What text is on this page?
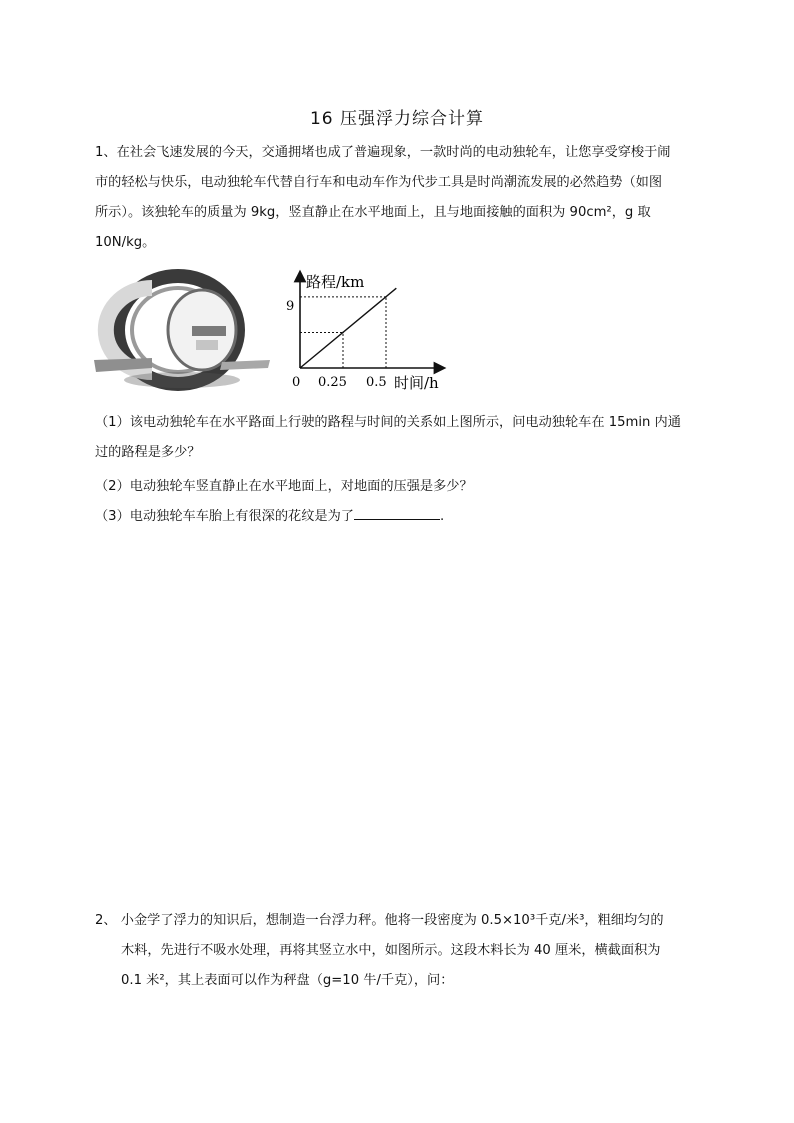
16 压强浮力综合计算
1、在社会飞速发展的今天，交通拥堵也成了普遍现象，一款时尚的电动独轮车，让您享受穿梭于闹
市的轻松与快乐，电动独轮车代替自行车和电动车作为代步工具是时尚潮流发展的必然趋势（如图
所示）。该独轮车的质量为 9kg，竖直静止在水平地面上，且与地面接触的面积为 90cm²，g 取
10N/kg。
路程/km
时间/h
0
9
0.25 0.5
（1）该电动独轮车在水平路面上行驶的路程与时间的关系如上图所示，问电动独轮车在 15min 内通
过的路程是多少？
（2）电动独轮车竖直静止在水平地面上，对地面的压强是多少？
（3）电动独轮车车胎上有很深的花纹是为了	.
2、 小金学了浮力的知识后，想制造一台浮力秤。他将一段密度为 0.5×10³千克/米³，粗细均匀的
木料，先进行不吸水处理，再将其竖立水中，如图所示。这段木料长为 40 厘米，横截面积为
0.1 米²，其上表面可以作为秤盘（g=10 牛/千克），问：
